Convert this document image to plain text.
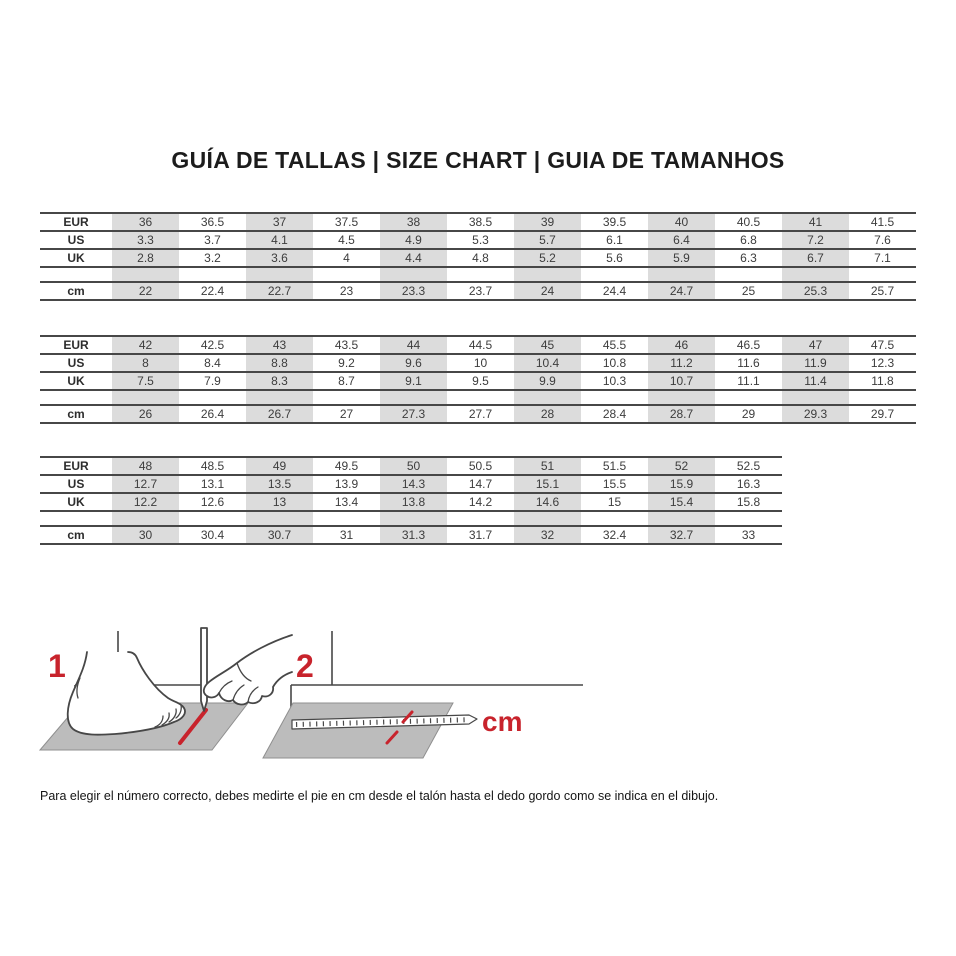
GUÍA DE TALLAS | SIZE CHART | GUIA DE TAMANHOS
EUR	36	36.5	37	37.5	38	38.5	39	39.5	40	40.5	41	41.5
US	3.3	3.7	4.1	4.5	4.9	5.3	5.7	6.1	6.4	6.8	7.2	7.6
UK	2.8	3.2	3.6	4	4.4	4.8	5.2	5.6	5.9	6.3	6.7	7.1
cm	22	22.4	22.7	23	23.3	23.7	24	24.4	24.7	25	25.3	25.7
EUR	42	42.5	43	43.5	44	44.5	45	45.5	46	46.5	47	47.5
US	8	8.4	8.8	9.2	9.6	10	10.4	10.8	11.2	11.6	11.9	12.3
UK	7.5	7.9	8.3	8.7	9.1	9.5	9.9	10.3	10.7	11.1	11.4	11.8
cm	26	26.4	26.7	27	27.3	27.7	28	28.4	28.7	29	29.3	29.7
EUR	48	48.5	49	49.5	50	50.5	51	51.5	52	52.5
US	12.7	13.1	13.5	13.9	14.3	14.7	15.1	15.5	15.9	16.3
UK	12.2	12.6	13	13.4	13.8	14.2	14.6	15	15.4	15.8
cm	30	30.4	30.7	31	31.3	31.7	32	32.4	32.7	33
1	2
cm
Para elegir el número correcto, debes medirte el pie en cm desde el talón hasta el dedo gordo como se indica en el dibujo.
